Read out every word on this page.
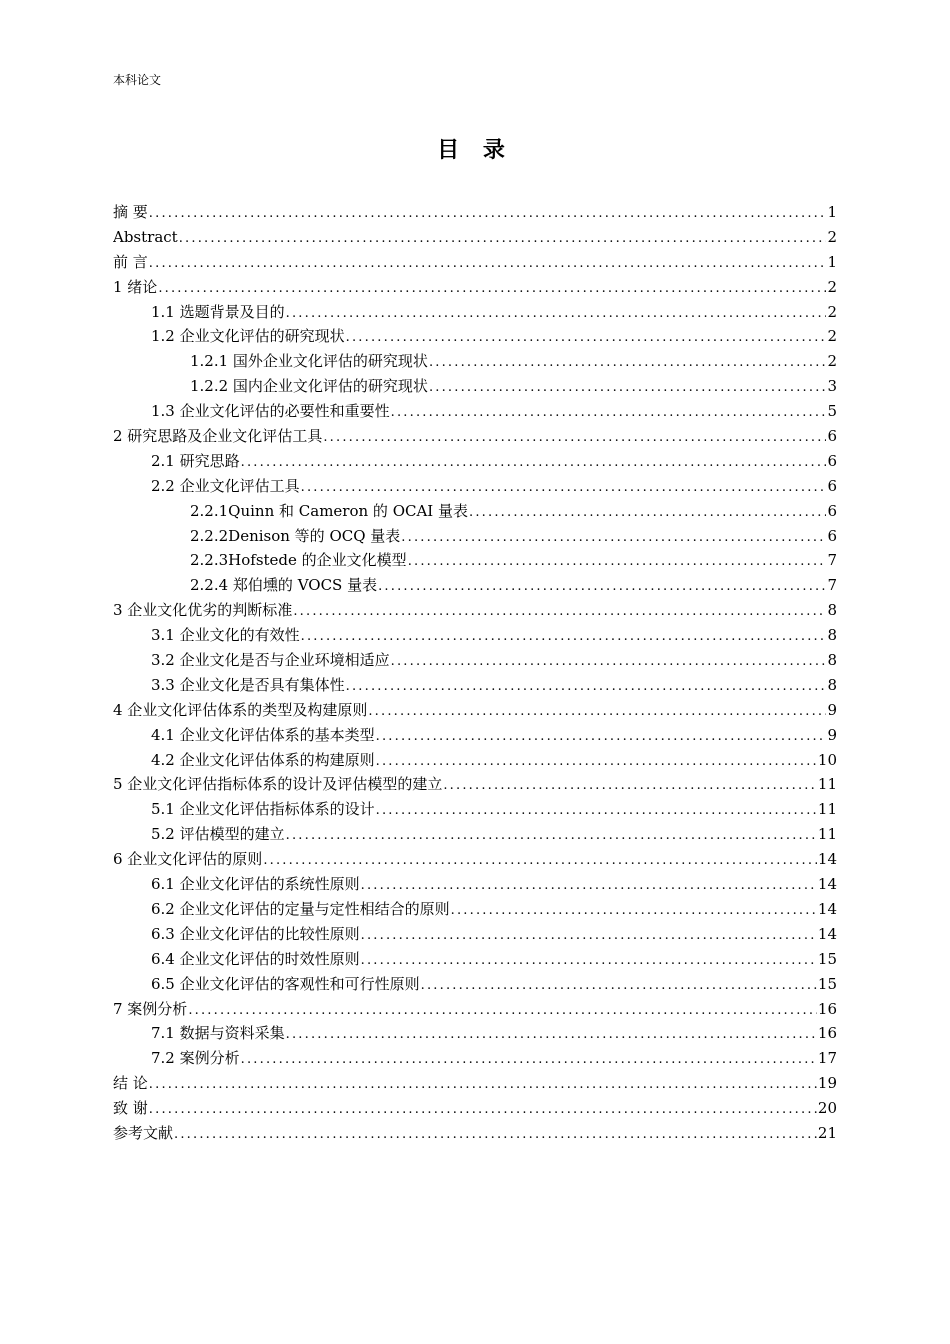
本科论文
目 录
摘 要 .....	1
Abstract .....	2
前 言 .....	1
1 绪论 .....	2
1.1 选题背景及目的 .....	2
1.2 企业文化评估的研究现状 .....	2
1.2.1 国外企业文化评估的研究现状 .....	2
1.2.2 国内企业文化评估的研究现状 .....	3
1.3 企业文化评估的必要性和重要性 .....	5
2 研究思路及企业文化评估工具 .....	6
2.1 研究思路 .....	6
2.2 企业文化评估工具 .....	6
2.2.1Quinn 和 Cameron 的 OCAI 量表 .....	6
2.2.2Denison 等的 OCQ 量表 .....	6
2.2.3Hofstede 的企业文化模型 .....	7
2.2.4 郑伯壎的 VOCS 量表 .....	7
3 企业文化优劣的判断标准 .....	8
3.1 企业文化的有效性 .....	8
3.2 企业文化是否与企业环境相适应 .....	8
3.3 企业文化是否具有集体性 .....	8
4 企业文化评估体系的类型及构建原则 .....	9
4.1 企业文化评估体系的基本类型 .....	9
4.2 企业文化评估体系的构建原则 .....	10
5 企业文化评估指标体系的设计及评估模型的建立 .....	11
5.1 企业文化评估指标体系的设计 .....	11
5.2 评估模型的建立 .....	11
6 企业文化评估的原则 .....	14
6.1 企业文化评估的系统性原则 .....	14
6.2 企业文化评估的定量与定性相结合的原则 .....	14
6.3 企业文化评估的比较性原则 .....	14
6.4 企业文化评估的时效性原则 .....	15
6.5 企业文化评估的客观性和可行性原则 .....	15
7 案例分析 .....	16
7.1 数据与资料采集 .....	16
7.2 案例分析 .....	17
结 论 .....	19
致 谢 .....	20
参考文献 .....	21
